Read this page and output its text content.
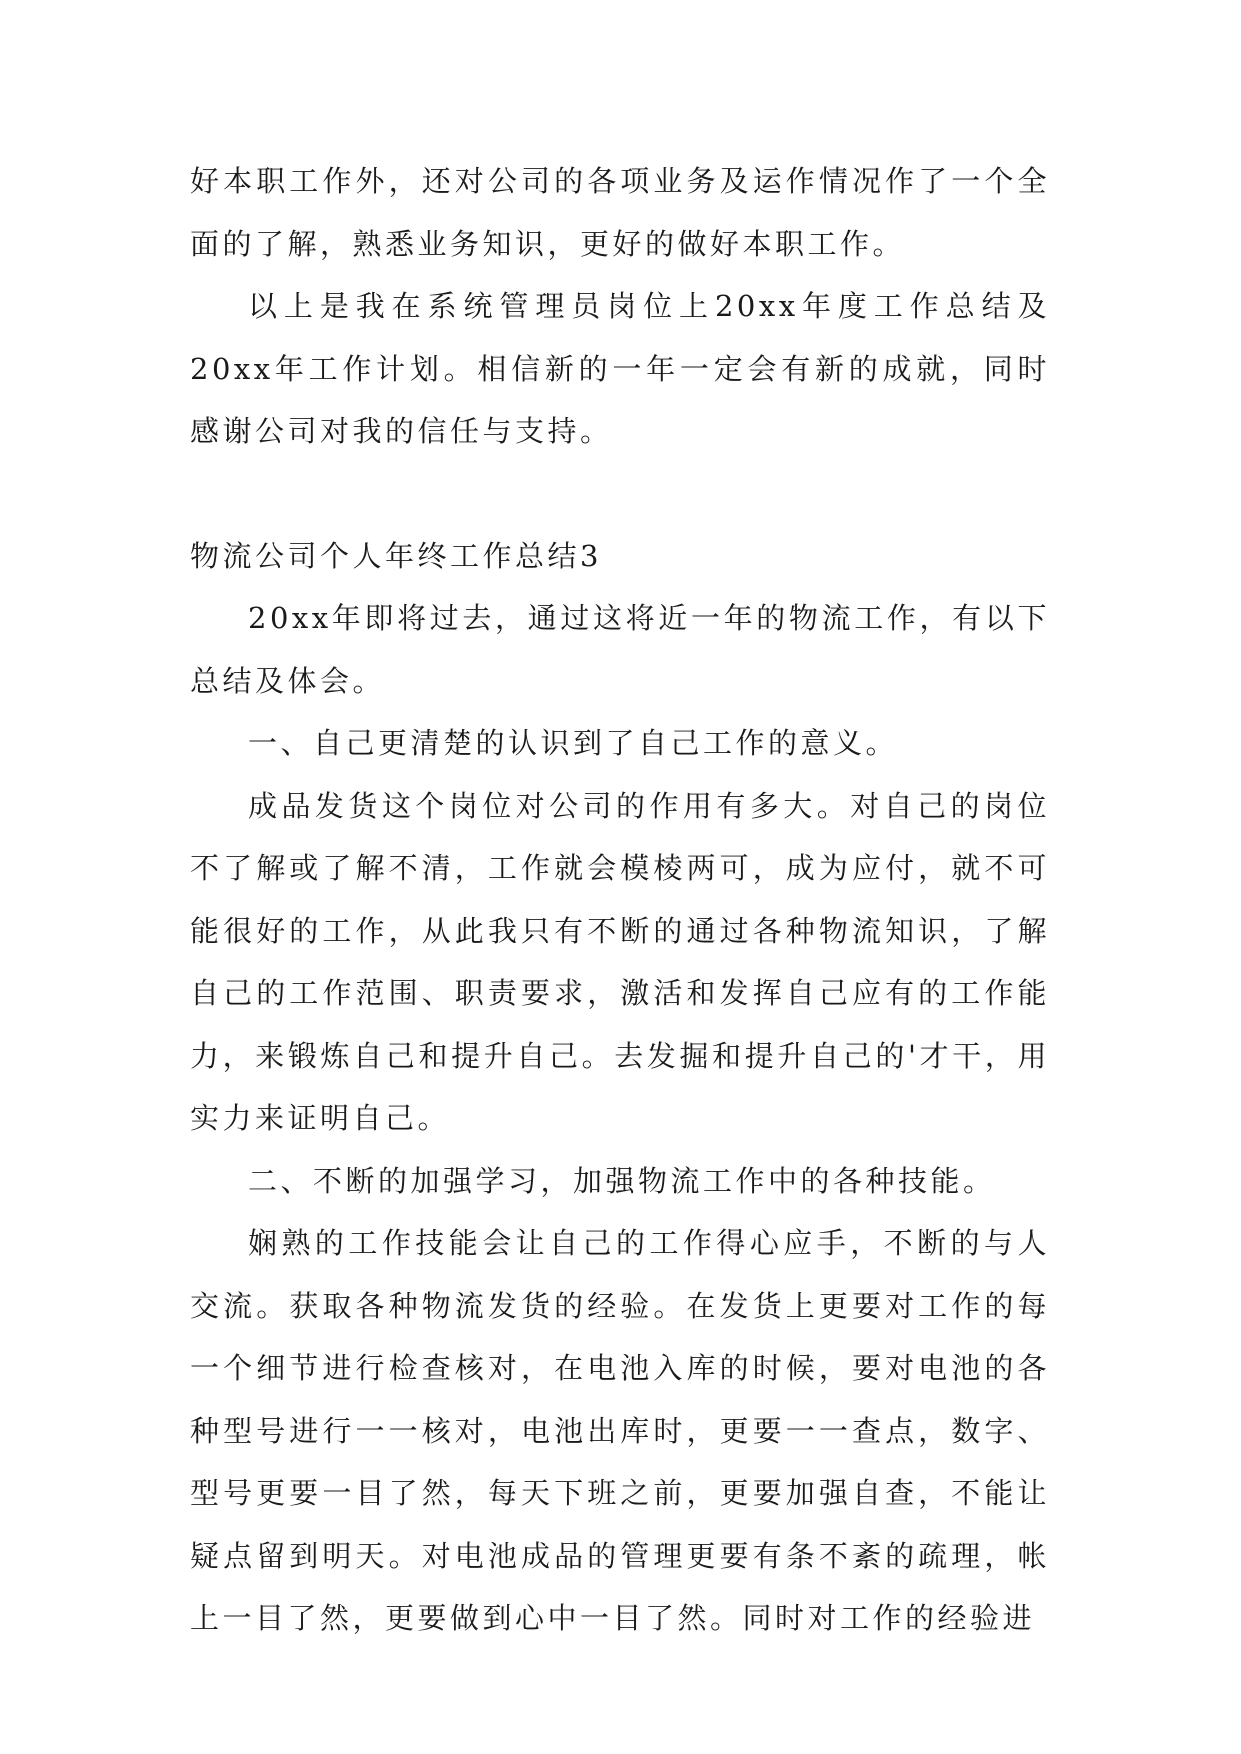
好本职工作外，还对公司的各项业务及运作情况作了一个全面的了解，熟悉业务知识，更好的做好本职工作。

以上是我在系统管理员岗位上20xx年度工作总结及20xx年工作计划。相信新的一年一定会有新的成就，同时感谢公司对我的信任与支持。

物流公司个人年终工作总结3

20xx年即将过去，通过这将近一年的物流工作，有以下总结及体会。

一、自己更清楚的认识到了自己工作的意义。

成品发货这个岗位对公司的作用有多大。对自己的岗位不了解或了解不清，工作就会模棱两可，成为应付，就不可能很好的工作，从此我只有不断的通过各种物流知识，了解自己的工作范围、职责要求，激活和发挥自己应有的工作能力，来锻炼自己和提升自己。去发掘和提升自己的'才干，用实力来证明自己。

二、不断的加强学习，加强物流工作中的各种技能。

娴熟的工作技能会让自己的工作得心应手，不断的与人交流。获取各种物流发货的经验。在发货上更要对工作的每一个细节进行检查核对，在电池入库的时候，要对电池的各种型号进行一一核对，电池出库时，更要一一查点，数字、型号更要一目了然，每天下班之前，更要加强自查，不能让疑点留到明天。对电池成品的管理更要有条不紊的疏理，帐上一目了然，更要做到心中一目了然。同时对工作的经验进
